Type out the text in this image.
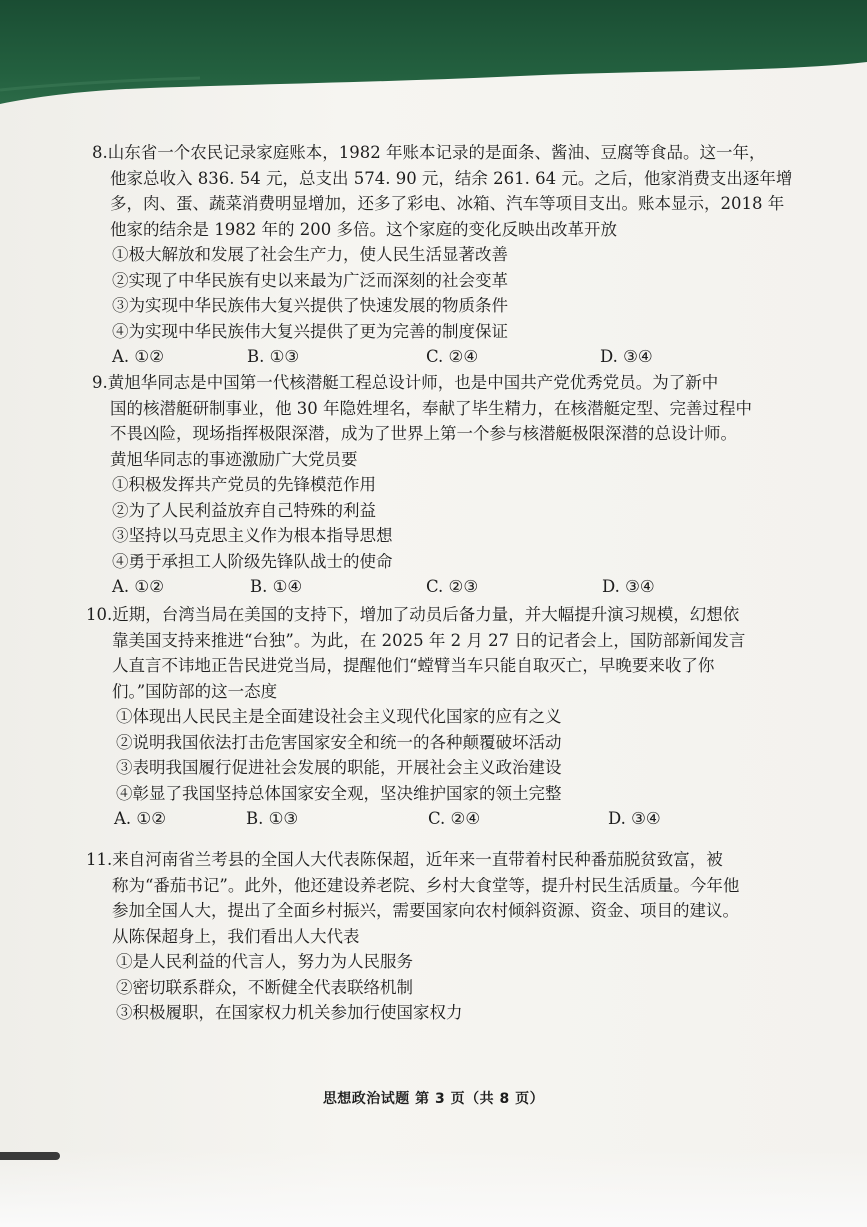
8.山东省一个农民记录家庭账本，1982 年账本记录的是面条、酱油、豆腐等食品。这一年，
他家总收入 836. 54 元，总支出 574. 90 元，结余 261. 64 元。之后，他家消费支出逐年增
多，肉、蛋、蔬菜消费明显增加，还多了彩电、冰箱、汽车等项目支出。账本显示，2018 年
他家的结余是 1982 年的 200 多倍。这个家庭的变化反映出改革开放
①极大解放和发展了社会生产力，使人民生活显著改善
②实现了中华民族有史以来最为广泛而深刻的社会变革
③为实现中华民族伟大复兴提供了快速发展的物质条件
④为实现中华民族伟大复兴提供了更为完善的制度保证
A. ①②	B. ①③	C. ②④	D. ③④
9.黄旭华同志是中国第一代核潜艇工程总设计师，也是中国共产党优秀党员。为了新中
国的核潜艇研制事业，他 30 年隐姓埋名，奉献了毕生精力，在核潜艇定型、完善过程中
不畏凶险，现场指挥极限深潜，成为了世界上第一个参与核潜艇极限深潜的总设计师。
黄旭华同志的事迹激励广大党员要
①积极发挥共产党员的先锋模范作用
②为了人民利益放弃自己特殊的利益
③坚持以马克思主义作为根本指导思想
④勇于承担工人阶级先锋队战士的使命
A. ①②	B. ①④	C. ②③	D. ③④
10.近期，台湾当局在美国的支持下，增加了动员后备力量，并大幅提升演习规模，幻想依
靠美国支持来推进“台独”。为此，在 2025 年 2 月 27 日的记者会上，国防部新闻发言
人直言不讳地正告民进党当局，提醒他们“螳臂当车只能自取灭亡，早晚要来收了你
们。”国防部的这一态度
①体现出人民民主是全面建设社会主义现代化国家的应有之义
②说明我国依法打击危害国家安全和统一的各种颠覆破坏活动
③表明我国履行促进社会发展的职能，开展社会主义政治建设
④彰显了我国坚持总体国家安全观，坚决维护国家的领土完整
A. ①②	B. ①③	C. ②④	D. ③④
11.来自河南省兰考县的全国人大代表陈保超，近年来一直带着村民种番茄脱贫致富，被
称为“番茄书记”。此外，他还建设养老院、乡村大食堂等，提升村民生活质量。今年他
参加全国人大，提出了全面乡村振兴，需要国家向农村倾斜资源、资金、项目的建议。
从陈保超身上，我们看出人大代表
①是人民利益的代言人，努力为人民服务
②密切联系群众，不断健全代表联络机制
③积极履职，在国家权力机关参加行使国家权力
思想政治试题 第 3 页（共 8 页）
